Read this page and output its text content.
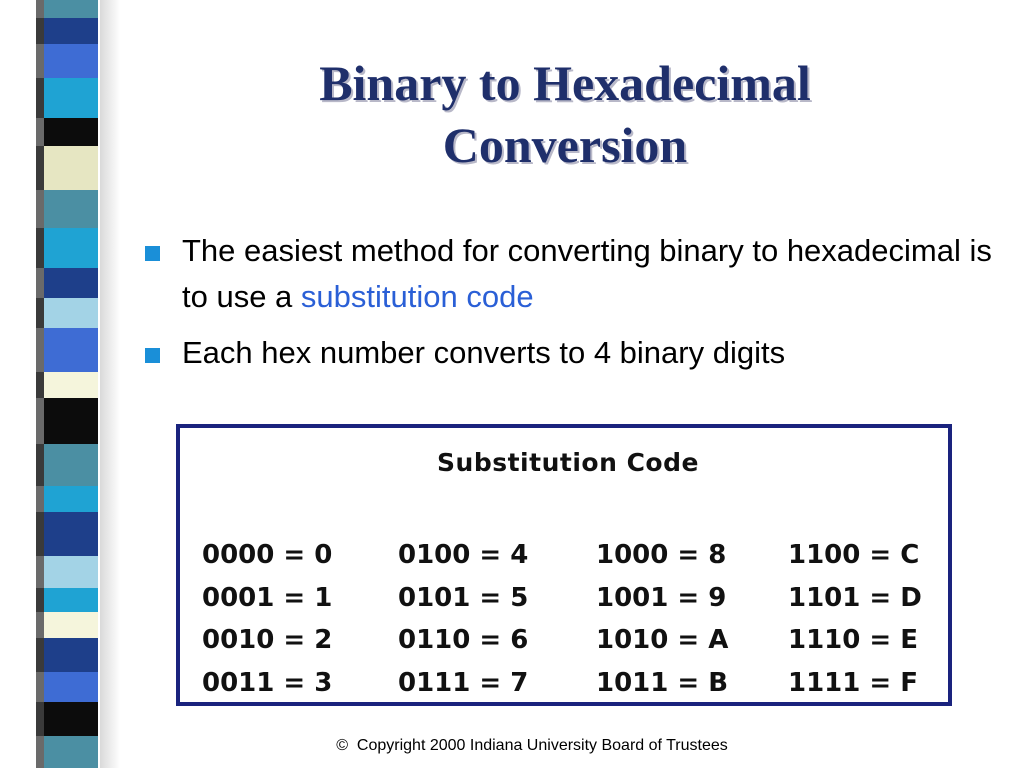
Binary to Hexadecimal
Conversion
The easiest method for converting binary to hexadecimal is to use a substitution code
Each hex number converts to 4 binary digits
Substitution Code
0000 = 0
0001 = 1
0010 = 2
0011 = 3
0100 = 4
0101 = 5
0110 = 6
0111 = 7
1000 = 8
1001 = 9
1010 = A
1011 = B
1100 = C
1101 = D
1110 = E
1111 = F
© Copyright 2000 Indiana University Board of Trustees
